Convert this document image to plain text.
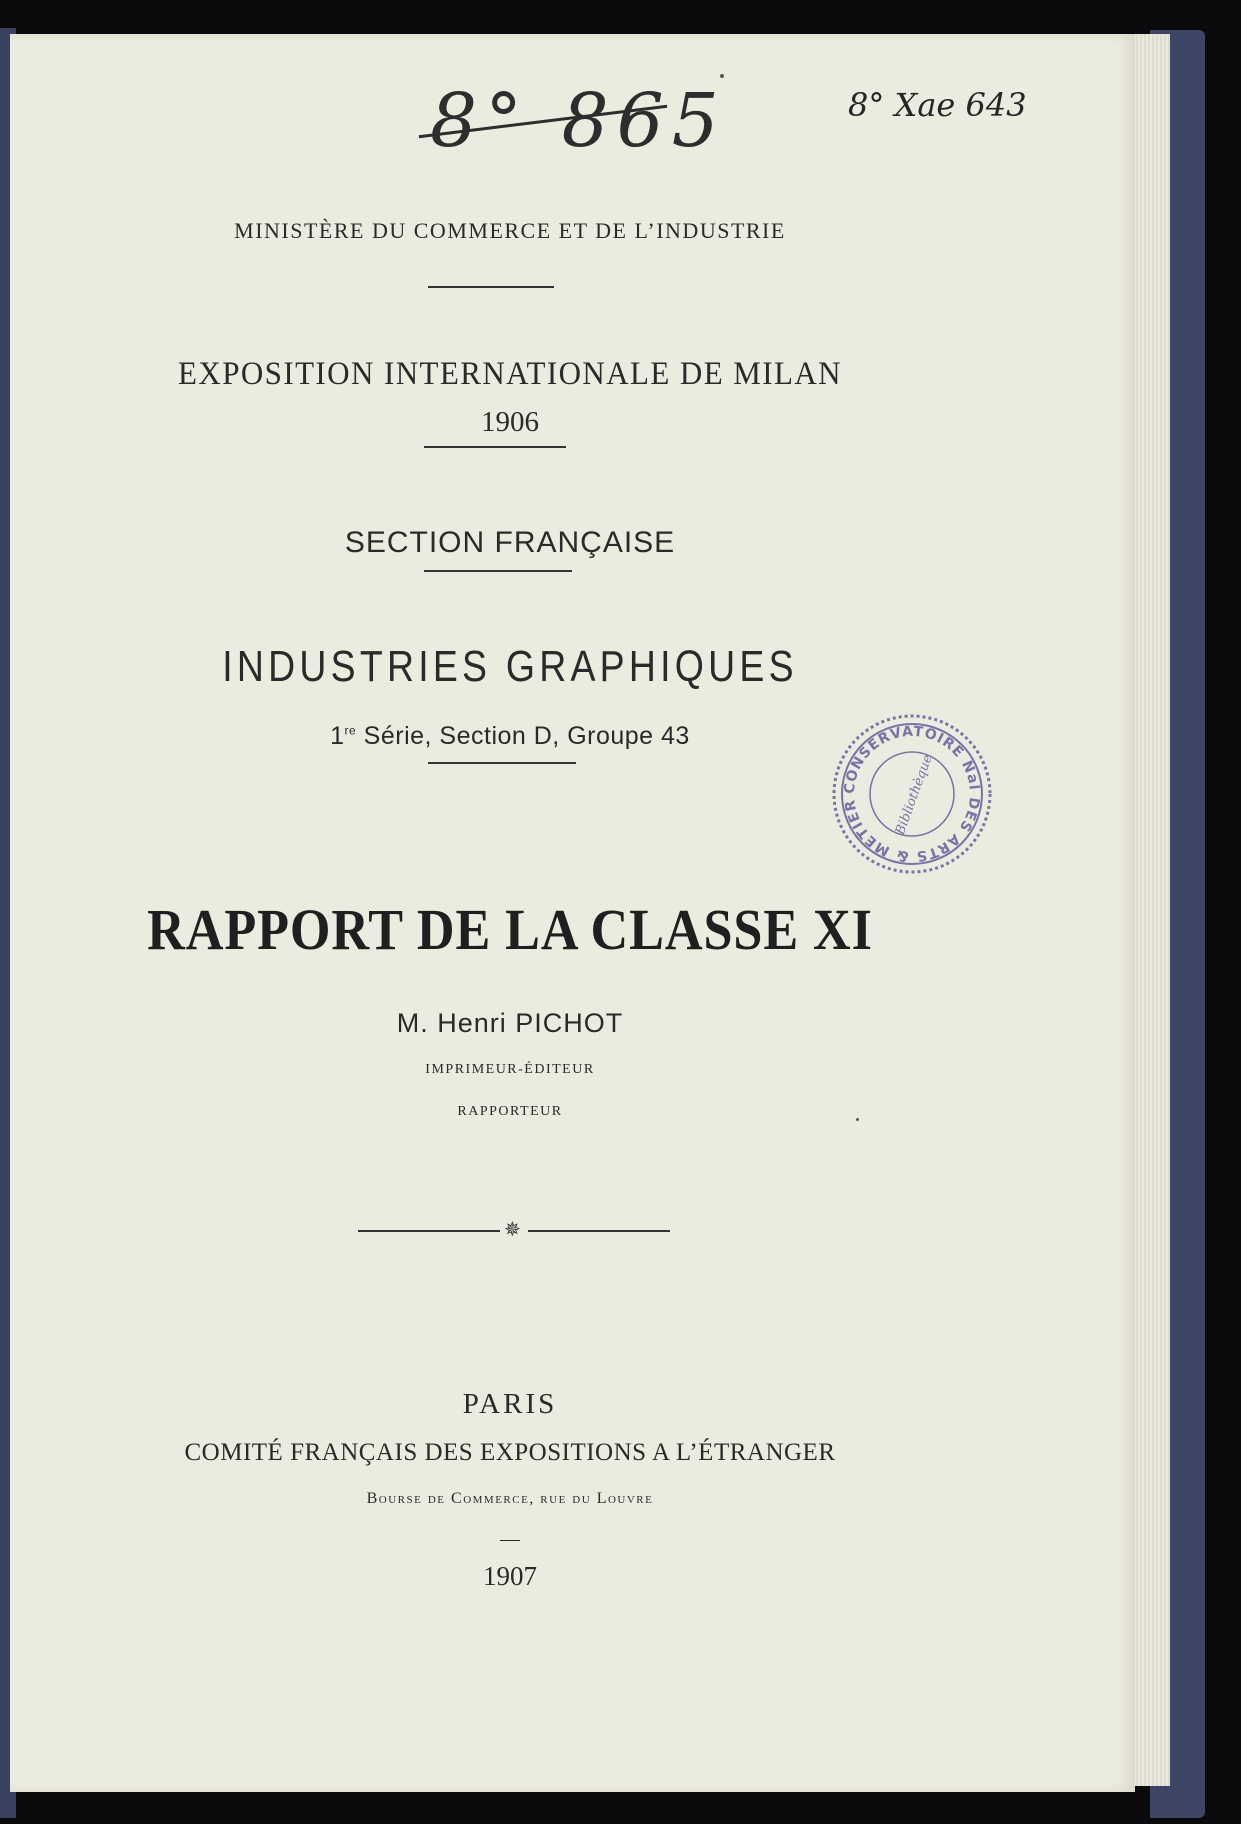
8° 865	8° Xae 643
MINISTÈRE DU COMMERCE ET DE L’INDUSTRIE
EXPOSITION INTERNATIONALE DE MILAN
1906
SECTION FRANÇAISE
INDUSTRIES GRAPHIQUES
1re Série, Section D, Groupe 43
RAPPORT DE LA CLASSE XI
M. Henri PICHOT
IMPRIMEUR-ÉDITEUR
RAPPORTEUR
✵
PARIS
COMITÉ FRANÇAIS DES EXPOSITIONS A L’ÉTRANGER
Bourse de Commerce, rue du Louvre
—
1907
CONSERVATOIRE Nal DES ARTS & MÉTIER	Bibliothèque
